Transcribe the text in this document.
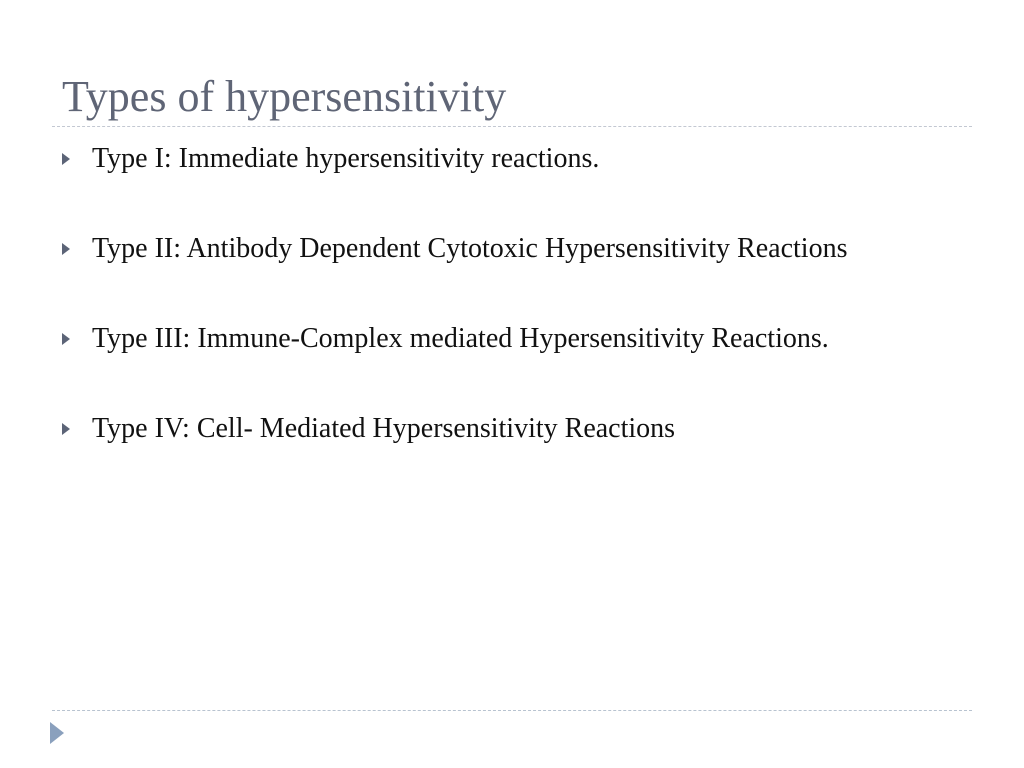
Types of hypersensitivity
Type I: Immediate hypersensitivity reactions.
Type II: Antibody Dependent Cytotoxic Hypersensitivity Reactions
Type III: Immune-Complex mediated Hypersensitivity Reactions.
Type IV: Cell- Mediated Hypersensitivity Reactions
